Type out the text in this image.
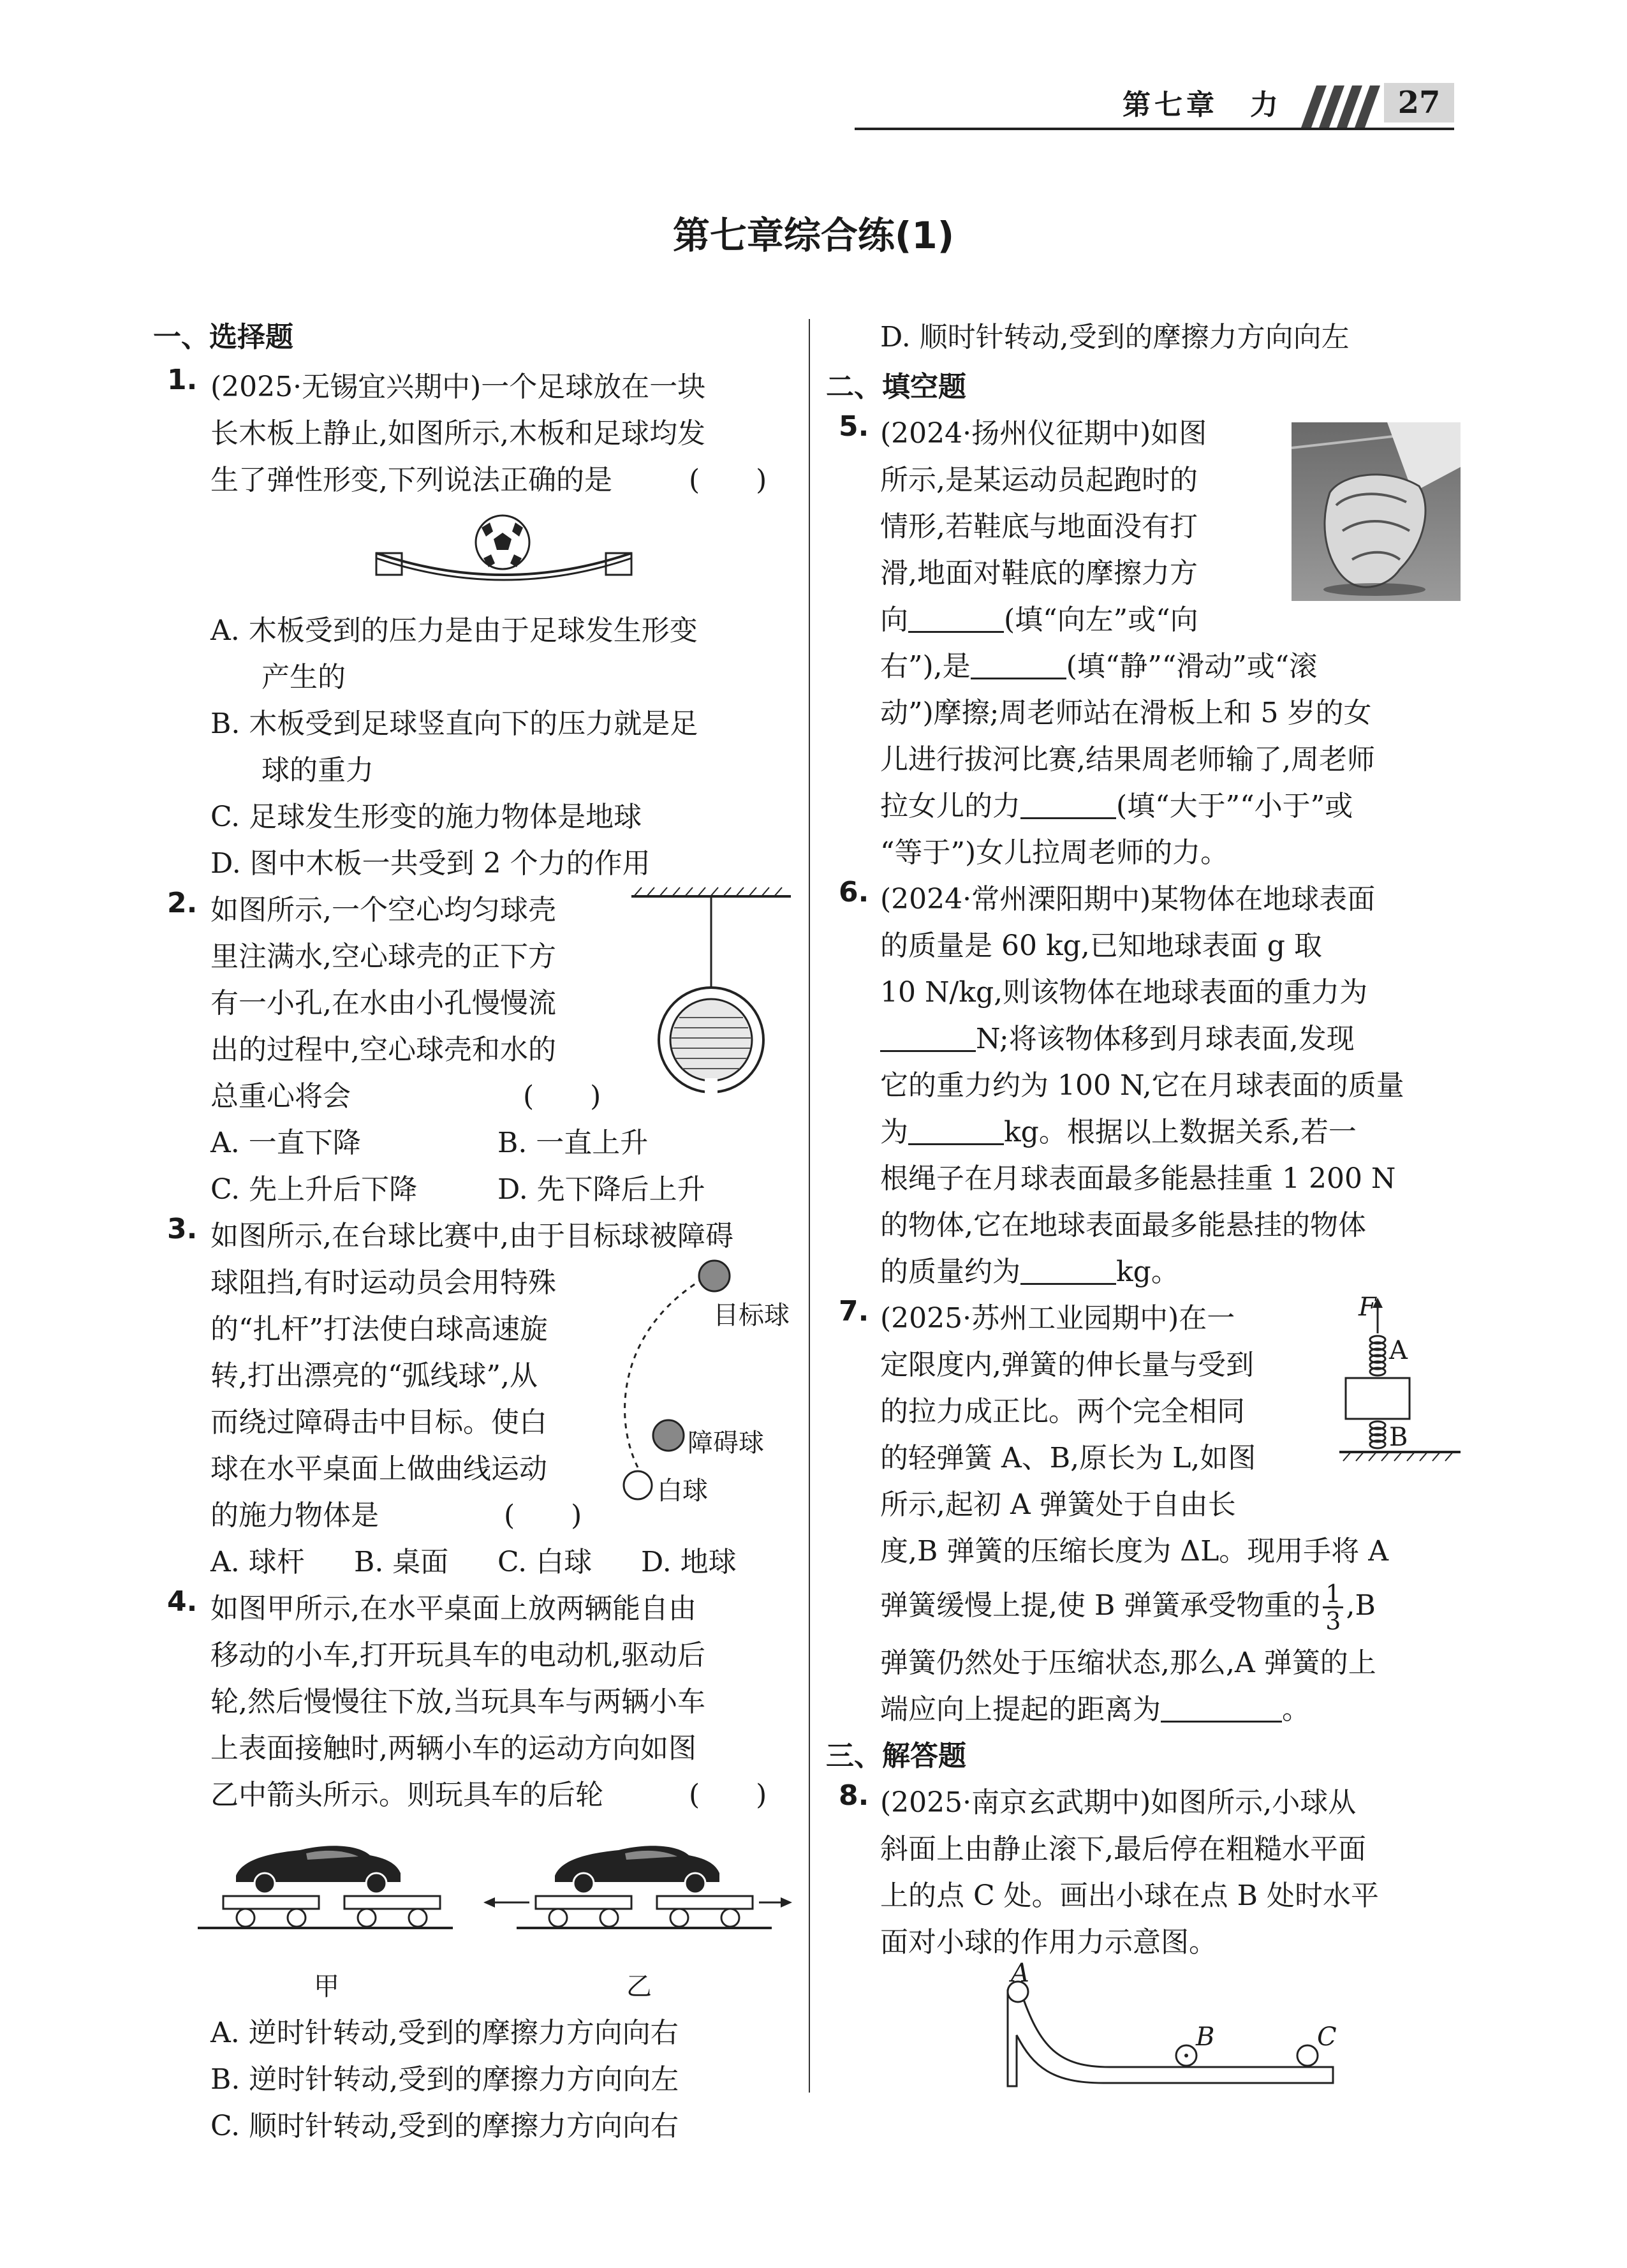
第七章　力	27
第七章综合练(1)
一、选择题
1. (2025·无锡宜兴期中)一个足球放在一块
长木板上静止,如图所示,木板和足球均发
生了弹性形变,下列说法正确的是	(　　)
A. 木板受到的压力是由于足球发生形变
产生的
B. 木板受到足球竖直向下的压力就是足
球的重力
C. 足球发生形变的施力物体是地球
D. 图中木板一共受到 2 个力的作用
2. 如图所示,一个空心均匀球壳
里注满水,空心球壳的正下方
有一小孔,在水由小孔慢慢流
出的过程中,空心球壳和水的
总重心将会	(　　)
A. 一直下降	B. 一直上升
C. 先上升后下降	D. 先下降后上升
3. 如图所示,在台球比赛中,由于目标球被障碍
球阻挡,有时运动员会用特殊
的“扎杆”打法使白球高速旋
转,打出漂亮的“弧线球”,从
而绕过障碍击中目标。使白
球在水平桌面上做曲线运动
的施力物体是	(　　)
目标球
障碍球
白球
A. 球杆 B. 桌面 C. 白球 D. 地球
4. 如图甲所示,在水平桌面上放两辆能自由
移动的小车,打开玩具车的电动机,驱动后
轮,然后慢慢往下放,当玩具车与两辆小车
上表面接触时,两辆小车的运动方向如图
乙中箭头所示。则玩具车的后轮	(　　)
甲	乙
A. 逆时针转动,受到的摩擦力方向向右
B. 逆时针转动,受到的摩擦力方向向左
C. 顺时针转动,受到的摩擦力方向向右
D. 顺时针转动,受到的摩擦力方向向左
二、填空题
5. (2024·扬州仪征期中)如图
所示,是某运动员起跑时的
情形,若鞋底与地面没有打
滑,地面对鞋底的摩擦力方
向	(填“向左”或“向
右”),是	(填“静”“滑动”或“滚
动”)摩擦;周老师站在滑板上和 5 岁的女
儿进行拔河比赛,结果周老师输了,周老师
拉女儿的力	(填“大于”“小于”或
“等于”)女儿拉周老师的力。
6. (2024·常州溧阳期中)某物体在地球表面
的质量是 60 kg,已知地球表面 g 取
10 N/kg,则该物体在地球表面的重力为
N;将该物体移到月球表面,发现
它的重力约为 100 N,它在月球表面的质量
为	kg。根据以上数据关系,若一
根绳子在月球表面最多能悬挂重 1 200 N
的物体,它在地球表面最多能悬挂的物体
的质量约为	kg。
7. (2025·苏州工业园期中)在一
定限度内,弹簧的伸长量与受到
的拉力成正比。两个完全相同
的轻弹簧 A、B,原长为 L,如图
所示,起初 A 弹簧处于自由长
度,B 弹簧的压缩长度为 ΔL。现用手将 A
弹簧缓慢上提,使 B 弹簧承受物重的 $\frac{1}{3} ,B$
弹簧仍然处于压缩状态,那么,A 弹簧的上
端应向上提起的距离为	。
F
A
B
三、解答题
8. (2025·南京玄武期中)如图所示,小球从
斜面上由静止滚下,最后停在粗糙水平面
上的点 C 处。画出小球在点 B 处时水平
面对小球的作用力示意图。
A
B	C
